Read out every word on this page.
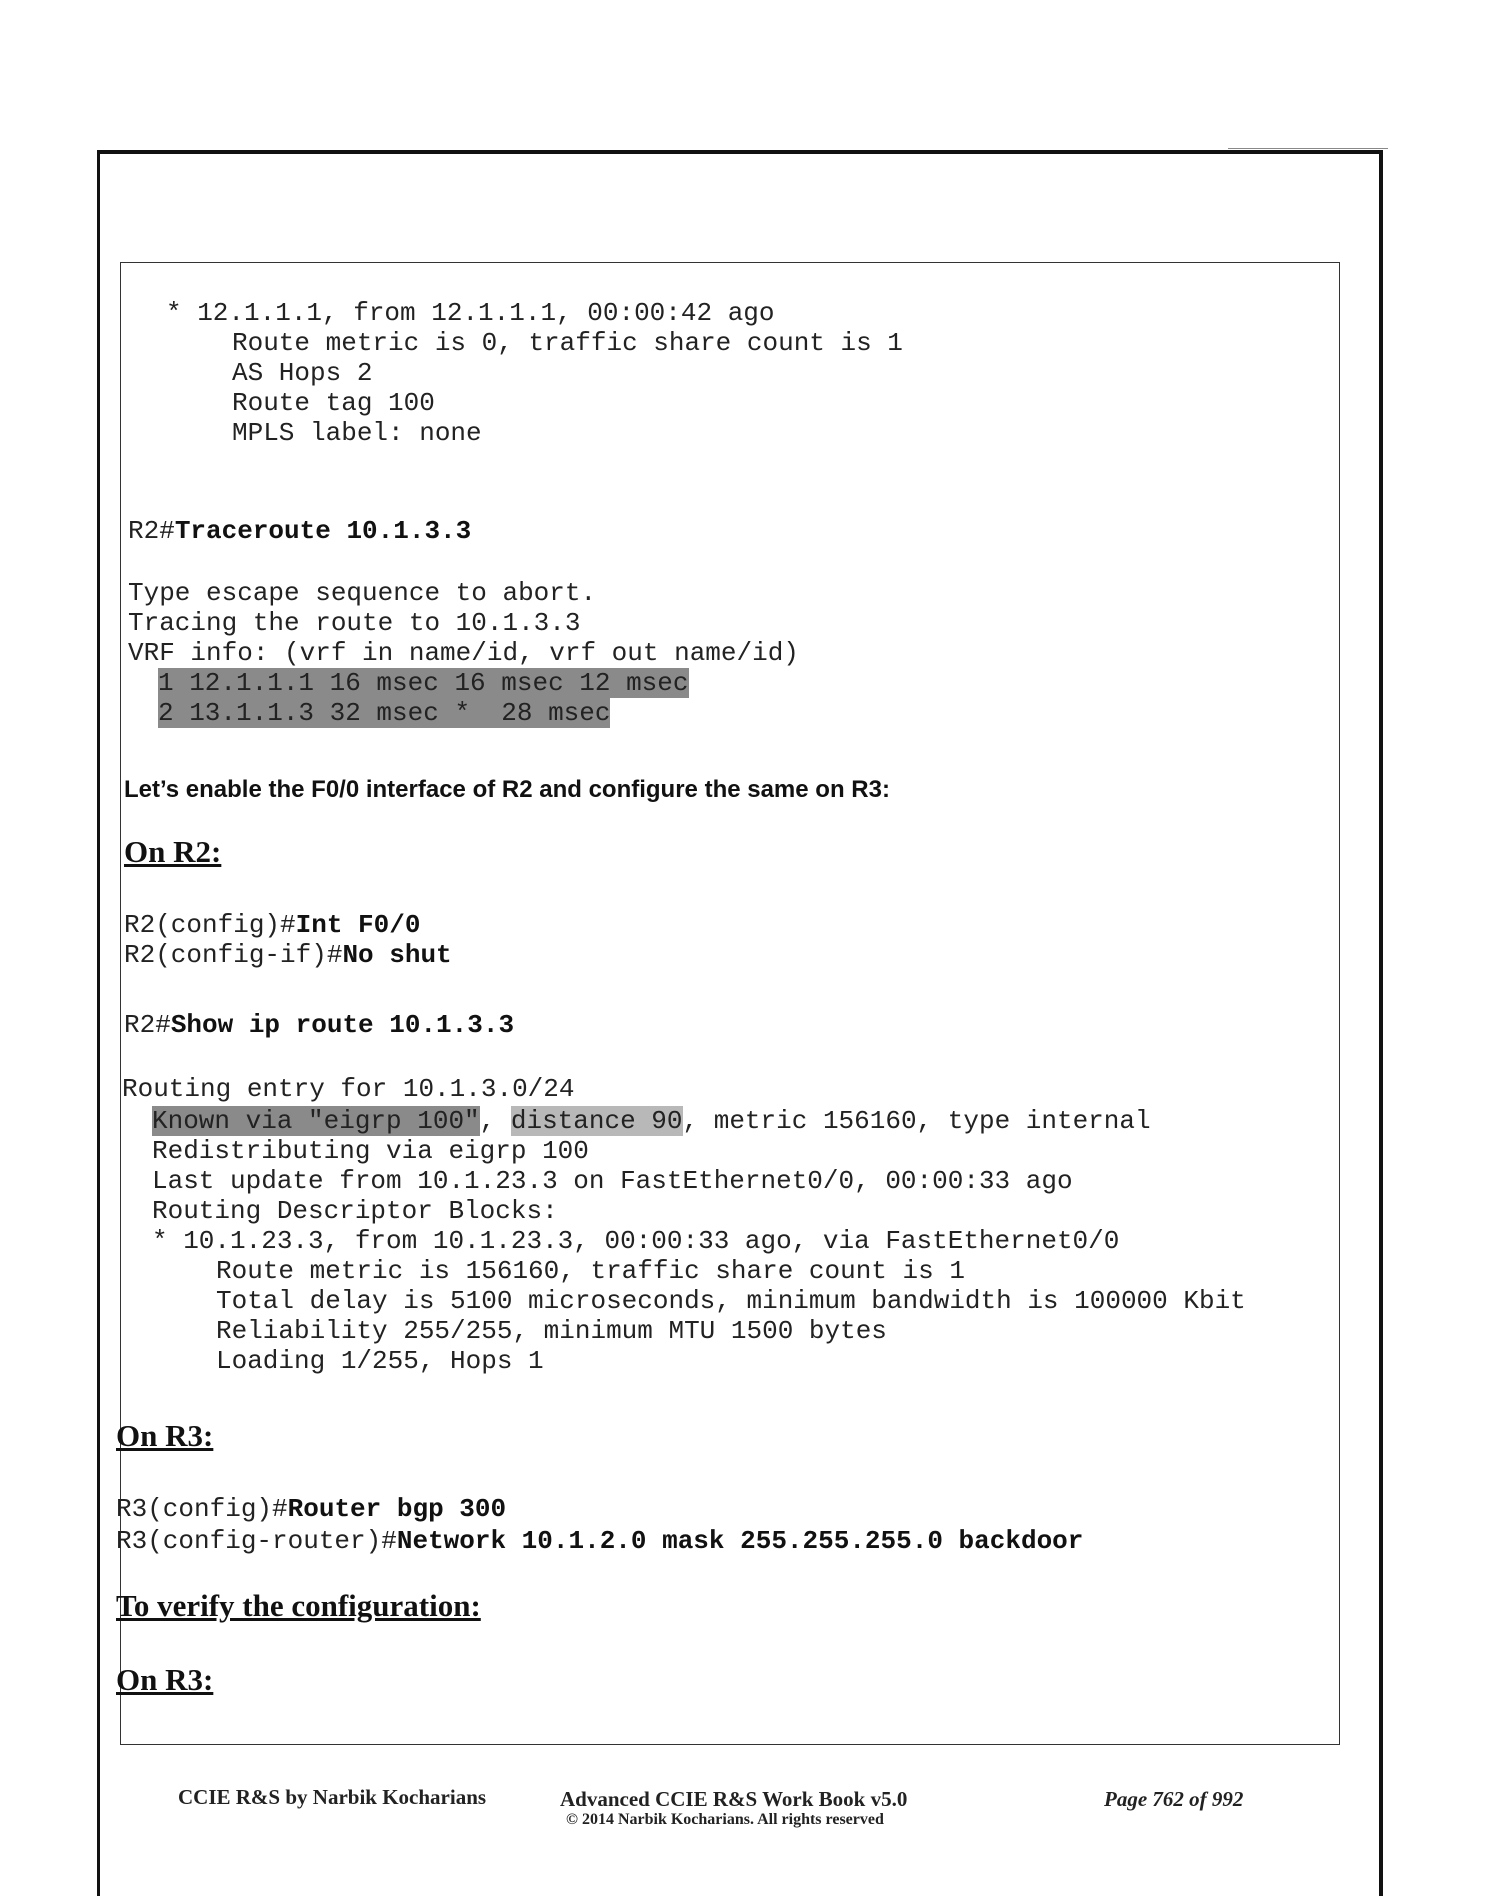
* 12.1.1.1, from 12.1.1.1, 00:00:42 ago
Route metric is 0, traffic share count is 1
AS Hops 2
Route tag 100
MPLS label: none
R2#Traceroute 10.1.3.3
Type escape sequence to abort.
Tracing the route to 10.1.3.3
VRF info: (vrf in name/id, vrf out name/id)
1 12.1.1.1 16 msec 16 msec 12 msec
2 13.1.1.3 32 msec *  28 msec
Let’s enable the F0/0 interface of R2 and configure the same on R3:
On R2:
R2(config)#Int F0/0
R2(config-if)#No shut
R2#Show ip route 10.1.3.3
Routing entry for 10.1.3.0/24
Known via "eigrp 100", distance 90, metric 156160, type internal
Redistributing via eigrp 100
Last update from 10.1.23.3 on FastEthernet0/0, 00:00:33 ago
Routing Descriptor Blocks:
* 10.1.23.3, from 10.1.23.3, 00:00:33 ago, via FastEthernet0/0
Route metric is 156160, traffic share count is 1
Total delay is 5100 microseconds, minimum bandwidth is 100000 Kbit
Reliability 255/255, minimum MTU 1500 bytes
Loading 1/255, Hops 1
On R3:
R3(config)#Router bgp 300
R3(config-router)#Network 10.1.2.0 mask 255.255.255.0 backdoor
To verify the configuration:
On R3:
CCIE R&S by Narbik Kocharians	Advanced CCIE R&S Work Book v5.0
© 2014 Narbik Kocharians. All rights reserved
Page 762 of 992
